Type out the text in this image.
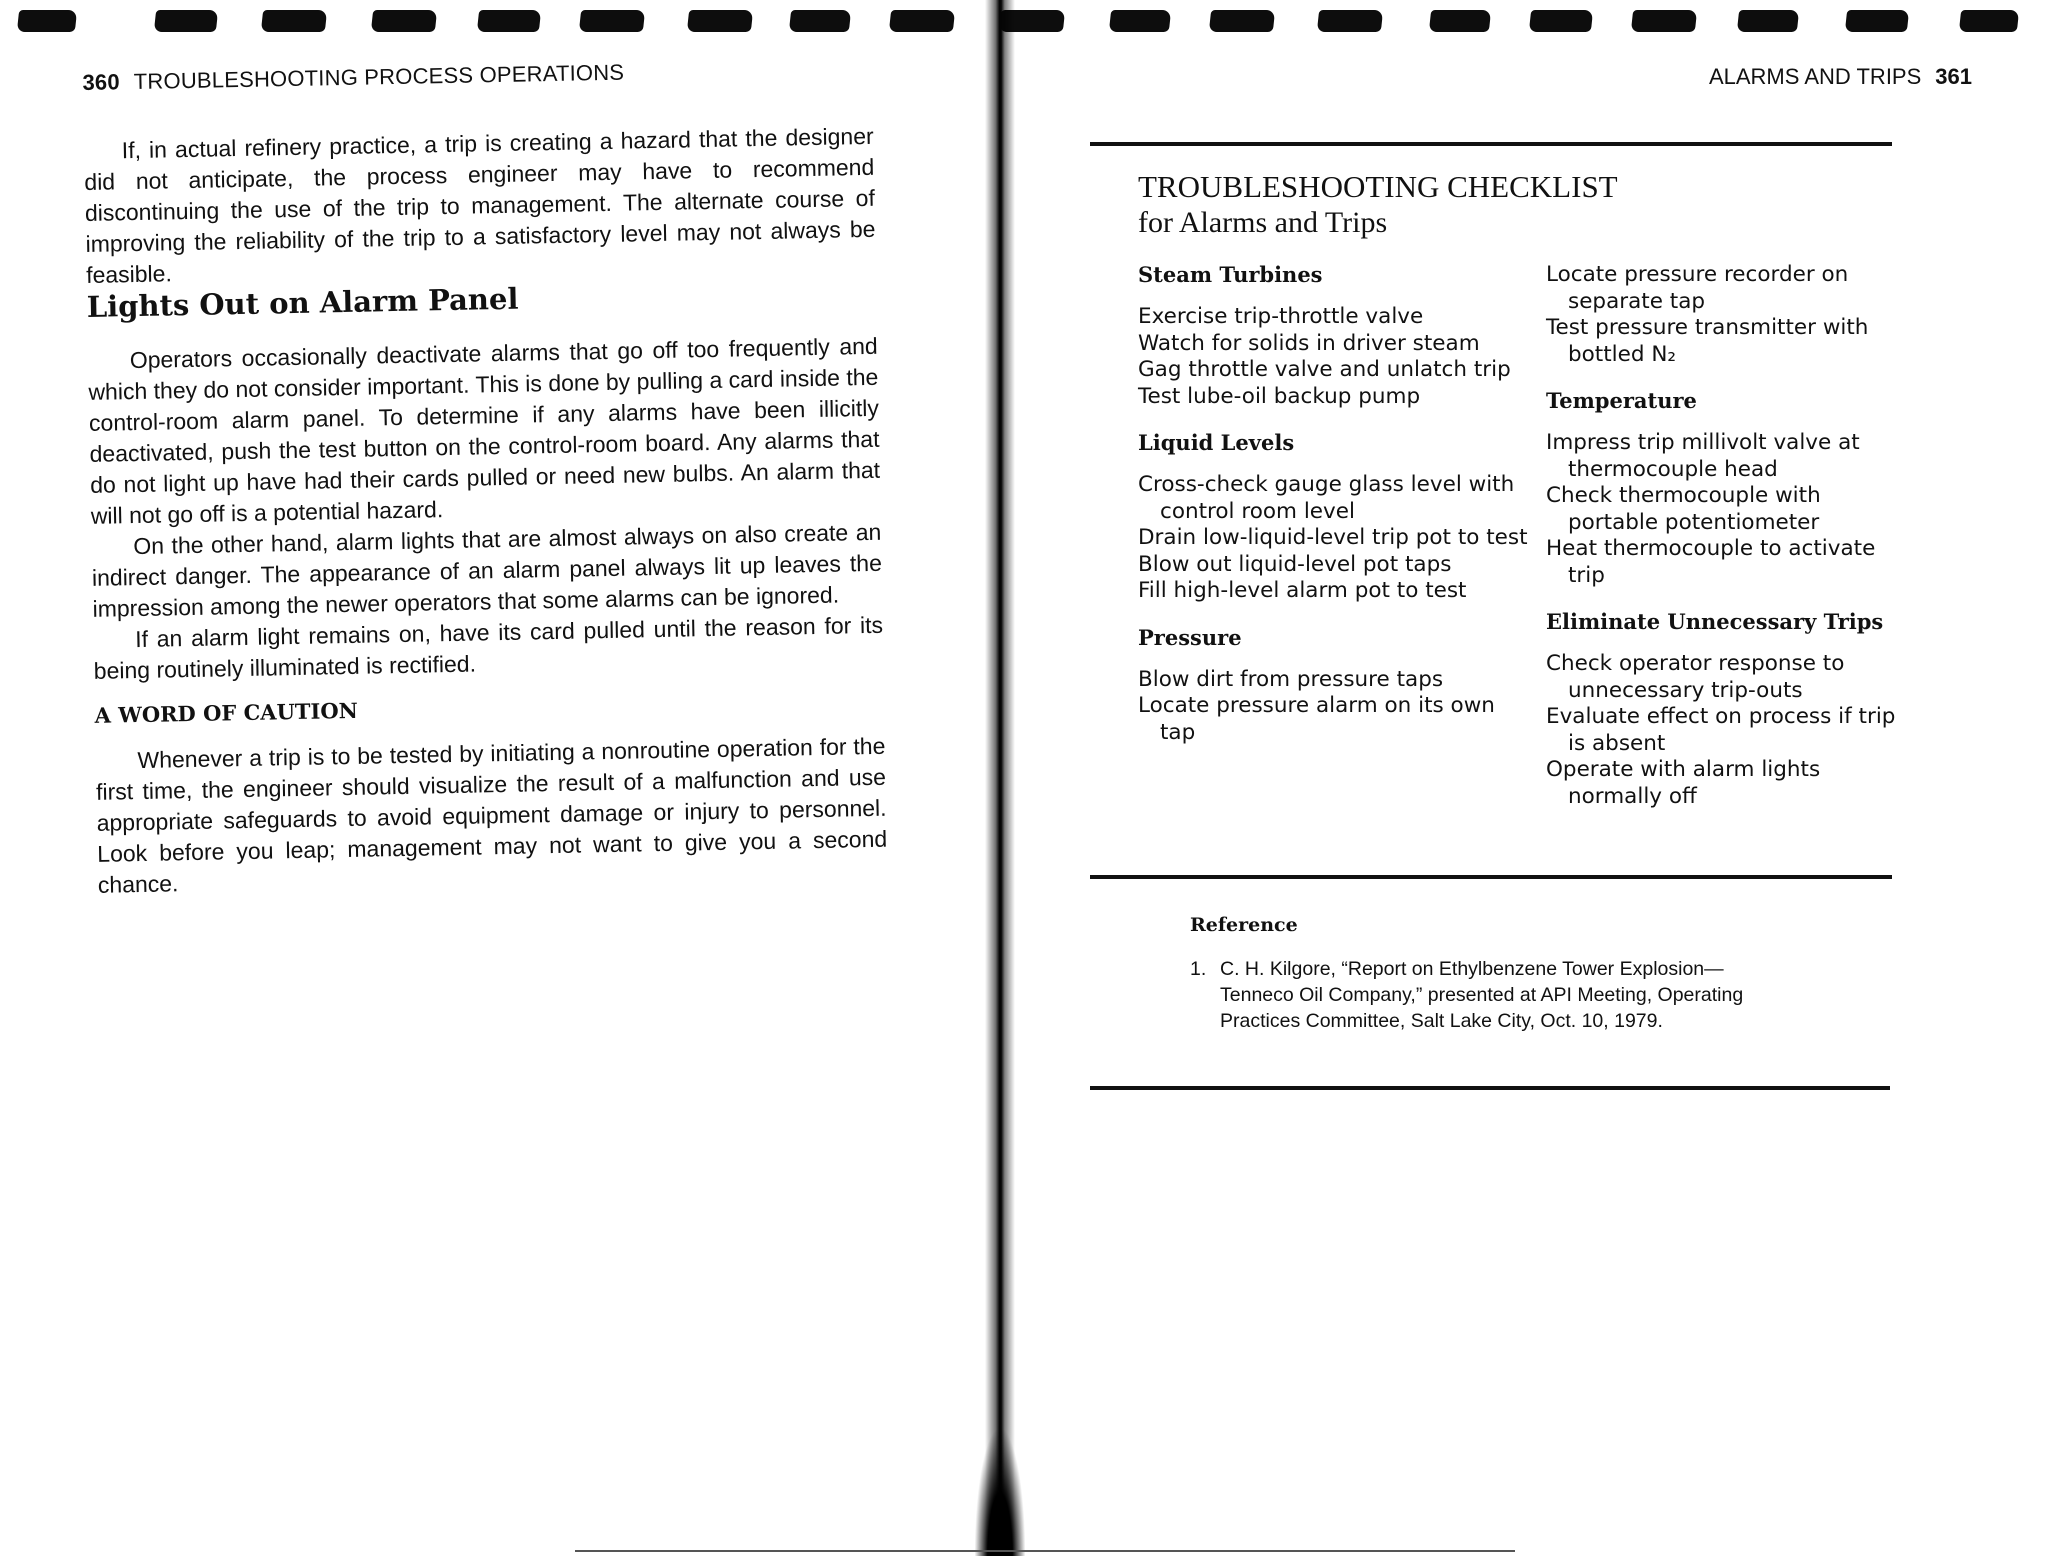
360 TROUBLESHOOTING PROCESS OPERATIONS

If, in actual refinery practice, a trip is creating a hazard that the designer did not anticipate, the process engineer may have to recommend discontinuing the use of the trip to management. The alternate course of improving the reliability of the trip to a satisfactory level may not always be feasible.

Lights Out on Alarm Panel

Operators occasionally deactivate alarms that go off too frequently and which they do not consider important. This is done by pulling a card inside the control-room alarm panel. To determine if any alarms have been illicitly deactivated, push the test button on the control-room board. Any alarms that do not light up have had their cards pulled or need new bulbs. An alarm that will not go off is a potential hazard.

On the other hand, alarm lights that are almost always on also create an indirect danger. The appearance of an alarm panel always lit up leaves the impression among the newer operators that some alarms can be ignored.

If an alarm light remains on, have its card pulled until the reason for its being routinely illuminated is rectified.

A WORD OF CAUTION

Whenever a trip is to be tested by initiating a nonroutine operation for the first time, the engineer should visualize the result of a malfunction and use appropriate safeguards to avoid equipment damage or injury to personnel. Look before you leap; management may not want to give you a second chance.

ALARMS AND TRIPS 361
TROUBLESHOOTING CHECKLIST
for Alarms and Trips
Steam Turbines
Exercise trip-throttle valve
Watch for solids in driver steam
Gag throttle valve and unlatch trip
Test lube-oil backup pump
Liquid Levels
Cross-check gauge glass level with control room level
Drain low-liquid-level trip pot to test
Blow out liquid-level pot taps
Fill high-level alarm pot to test
Pressure
Blow dirt from pressure taps
Locate pressure alarm on its own tap
Locate pressure recorder on separate tap
Test pressure transmitter with bottled N₂
Temperature
Impress trip millivolt valve at thermocouple head
Check thermocouple with portable potentiometer
Heat thermocouple to activate trip
Eliminate Unnecessary Trips
Check operator response to unnecessary trip-outs
Evaluate effect on process if trip is absent
Operate with alarm lights normally off
Reference
1. C. H. Kilgore, “Report on Ethylbenzene Tower Explosion—Tenneco Oil Company,” presented at API Meeting, Operating Practices Committee, Salt Lake City, Oct. 10, 1979.
